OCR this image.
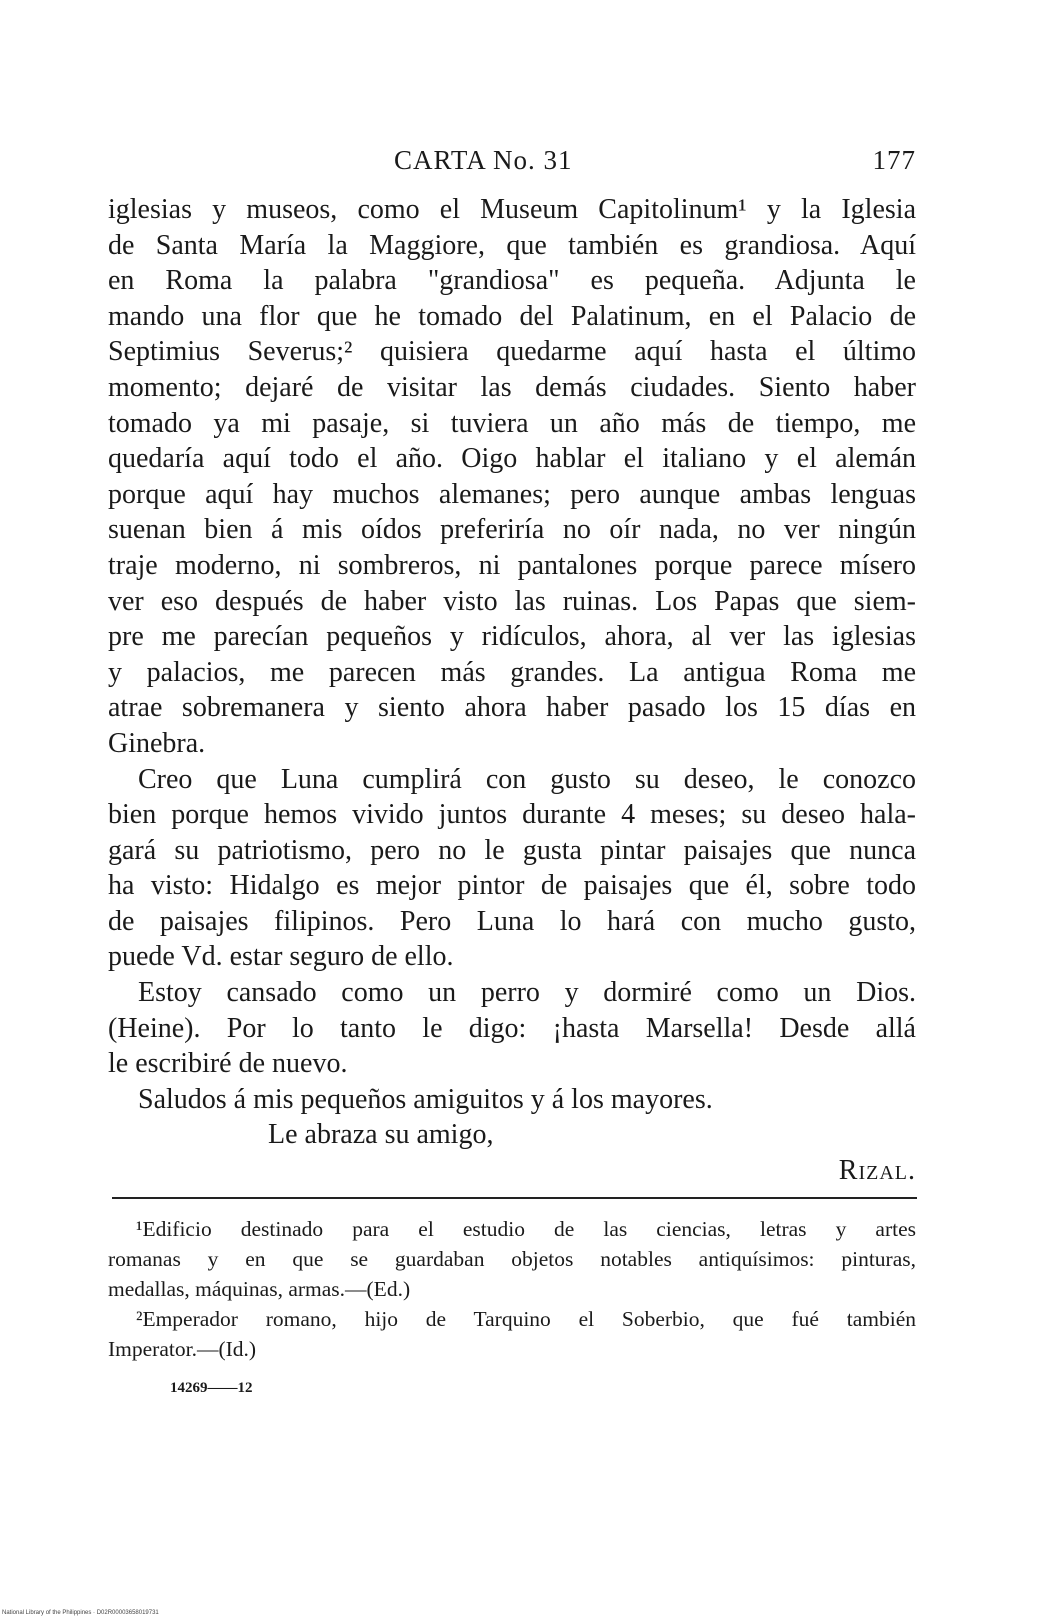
CARTA No. 31	177
iglesias y museos, como el Museum Capitolinum¹ y la Iglesia
de Santa María la Maggiore, que también es grandiosa. Aquí
en Roma la palabra "grandiosa" es pequeña. Adjunta le
mando una flor que he tomado del Palatinum, en el Palacio de
Septimius Severus;² quisiera quedarme aquí hasta el último
momento; dejaré de visitar las demás ciudades. Siento haber
tomado ya mi pasaje, si tuviera un año más de tiempo, me
quedaría aquí todo el año. Oigo hablar el italiano y el alemán
porque aquí hay muchos alemanes; pero aunque ambas lenguas
suenan bien á mis oídos preferiría no oír nada, no ver ningún
traje moderno, ni sombreros, ni pantalones porque parece mísero
ver eso después de haber visto las ruinas. Los Papas que siem-
pre me parecían pequeños y ridículos, ahora, al ver las iglesias
y palacios, me parecen más grandes. La antigua Roma me
atrae sobremanera y siento ahora haber pasado los 15 días en
Ginebra.
Creo que Luna cumplirá con gusto su deseo, le conozco
bien porque hemos vivido juntos durante 4 meses; su deseo hala-
gará su patriotismo, pero no le gusta pintar paisajes que nunca
ha visto: Hidalgo es mejor pintor de paisajes que él, sobre todo
de paisajes filipinos. Pero Luna lo hará con mucho gusto,
puede Vd. estar seguro de ello.
Estoy cansado como un perro y dormiré como un Dios.
(Heine). Por lo tanto le digo: ¡hasta Marsella! Desde allá
le escribiré de nuevo.
Saludos á mis pequeños amiguitos y á los mayores.
Le abraza su amigo,
Rizal.
¹Edificio destinado para el estudio de las ciencias, letras y artes
romanas y en que se guardaban objetos notables antiquísimos: pinturas,
medallas, máquinas, armas.—(Ed.)
²Emperador romano, hijo de Tarquino el Soberbio, que fué también
Imperator.—(Id.)
14269——12
National Library of the Philippines · D02R00003658019731
